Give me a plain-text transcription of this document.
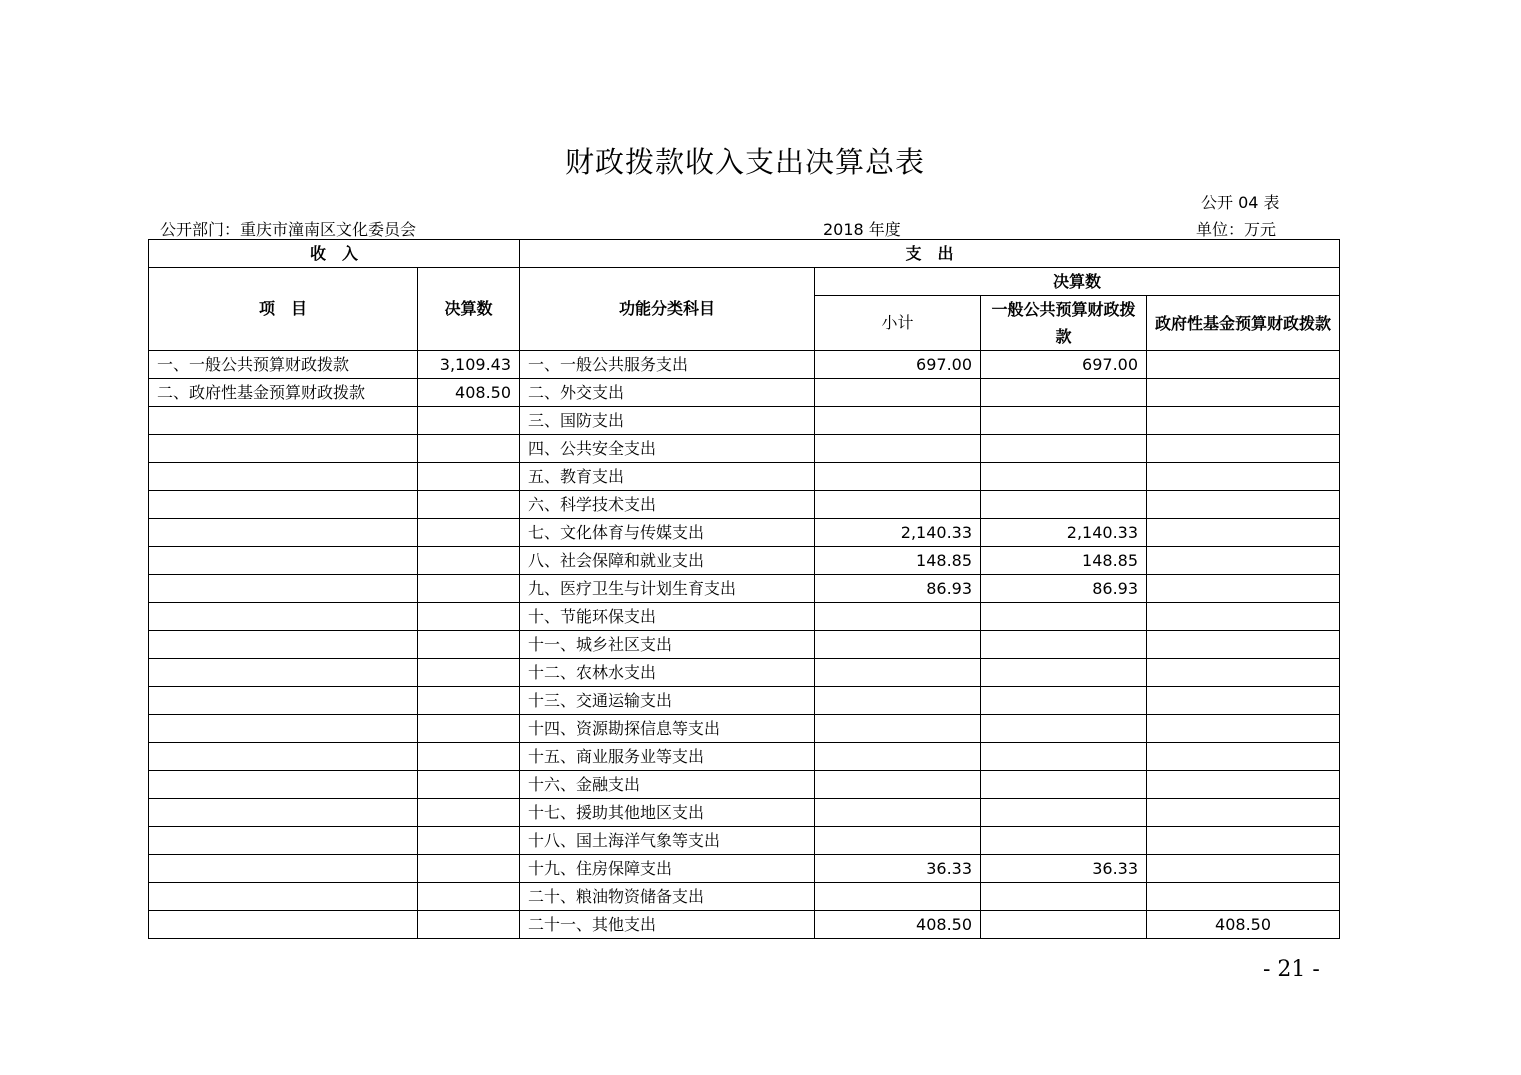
财政拨款收入支出决算总表
公开 04 表
公开部门：重庆市潼南区文化委员会	2018 年度	单位：万元
收　入		支　出			
项　目	决算数	功能分类科目	决算数		
			小计	一般公共预算财政拨款	政府性基金预算财政拨款

一、一般公共预算财政拨款	3,109.43	一、一般公共服务支出	697.00	697.00	
二、政府性基金预算财政拨款	408.50	二、外交支出			
		三、国防支出			
		四、公共安全支出			
		五、教育支出			
		六、科学技术支出			
		七、文化体育与传媒支出	2,140.33	2,140.33	
		八、社会保障和就业支出	148.85	148.85	
		九、医疗卫生与计划生育支出	86.93	86.93	
		十、节能环保支出			
		十一、城乡社区支出			
		十二、农林水支出			
		十三、交通运输支出			
		十四、资源勘探信息等支出			
		十五、商业服务业等支出			
		十六、金融支出			
		十七、援助其他地区支出			
		十八、国土海洋气象等支出			
		十九、住房保障支出	36.33	36.33	
		二十、粮油物资储备支出			
		二十一、其他支出	408.50		408.50
- 21 -
